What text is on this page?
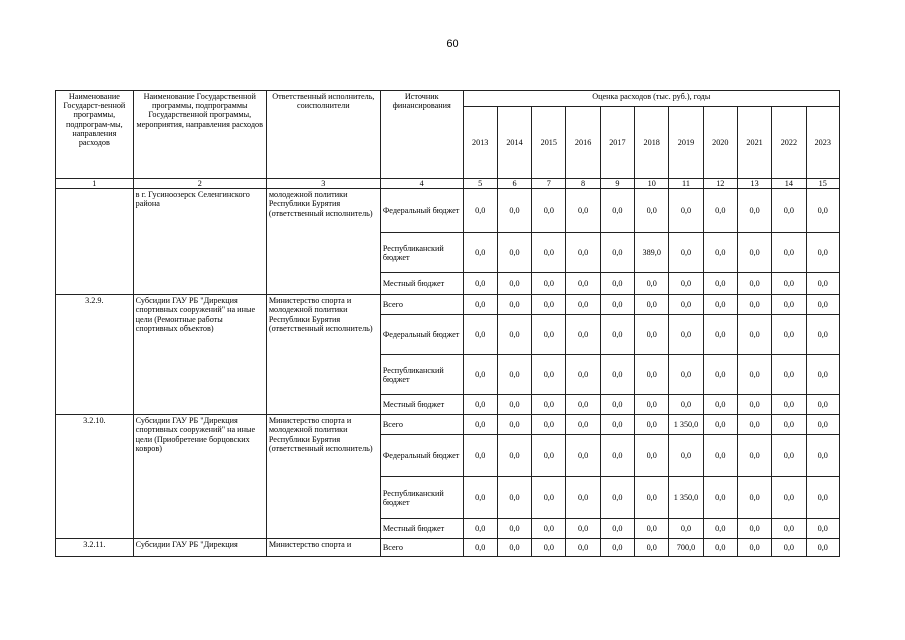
60
Наименование Государст-венной программы, подпрограм-мы, направления расходов	Наименование Государственной программы, подпрограммы Государственной программы, мероприятия, направления расходов	Ответственный исполнитель, соисполнители	Источник финансирования	Оценка расходов (тыс. руб.), годы										
				2013	2014	2015	2016	2017	2018	2019	2020	2021	2022	2023
1	2	3	4	5	6	7	8	9	10	11	12	13	14	15
	в г. Гусиноозерск Селенгинского района	молодежной политики Республики Бурятия (ответственный исполнитель)	Федеральный бюджет	0,0	0,0	0,0	0,0	0,0	0,0	0,0	0,0	0,0	0,0	0,0
			Республиканский бюджет	0,0	0,0	0,0	0,0	0,0	389,0	0,0	0,0	0,0	0,0	0,0
			Местный бюджет	0,0	0,0	0,0	0,0	0,0	0,0	0,0	0,0	0,0	0,0	0,0
3.2.9.	Субсидии ГАУ РБ "Дирекция спортивных сооружений" на иные цели (Ремонтные работы спортивных объектов)	Министерство спорта и молодежной политики Республики Бурятия (ответственный исполнитель)	Всего	0,0	0,0	0,0	0,0	0,0	0,0	0,0	0,0	0,0	0,0	0,0
			Федеральный бюджет	0,0	0,0	0,0	0,0	0,0	0,0	0,0	0,0	0,0	0,0	0,0
			Республиканский бюджет	0,0	0,0	0,0	0,0	0,0	0,0	0,0	0,0	0,0	0,0	0,0
			Местный бюджет	0,0	0,0	0,0	0,0	0,0	0,0	0,0	0,0	0,0	0,0	0,0
3.2.10.	Субсидии ГАУ РБ "Дирекция спортивных сооружений" на иные цели (Приобретение борцовских ковров)	Министерство спорта и молодежной политики Республики Бурятия (ответственный исполнитель)	Всего	0,0	0,0	0,0	0,0	0,0	0,0	1 350,0	0,0	0,0	0,0	0,0
			Федеральный бюджет	0,0	0,0	0,0	0,0	0,0	0,0	0,0	0,0	0,0	0,0	0,0
			Республиканский бюджет	0,0	0,0	0,0	0,0	0,0	0,0	1 350,0	0,0	0,0	0,0	0,0
			Местный бюджет	0,0	0,0	0,0	0,0	0,0	0,0	0,0	0,0	0,0	0,0	0,0
3.2.11.	Субсидии ГАУ РБ "Дирекция	Министерство спорта и	Всего	0,0	0,0	0,0	0,0	0,0	0,0	700,0	0,0	0,0	0,0	0,0
